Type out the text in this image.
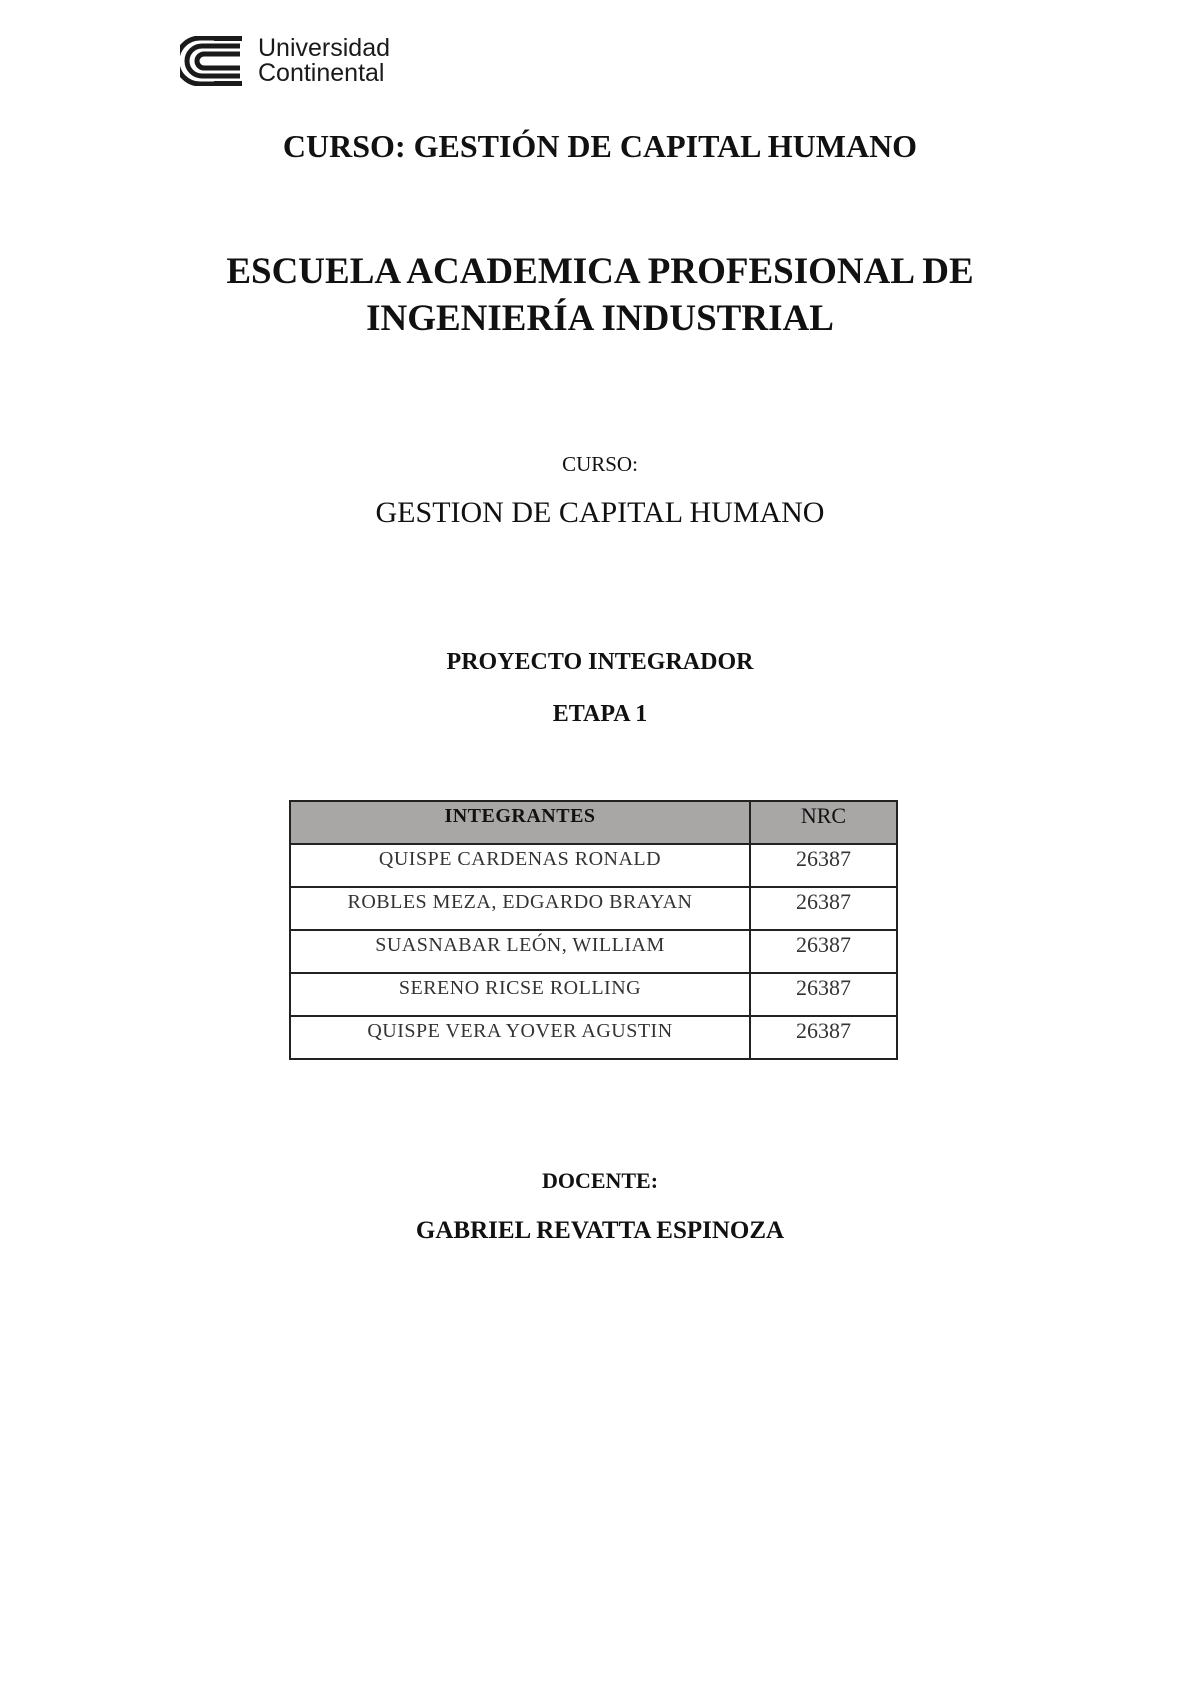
Universidad
Continental
CURSO: GESTIÓN DE CAPITAL HUMANO
ESCUELA ACADEMICA PROFESIONAL DE
INGENIERÍA INDUSTRIAL
CURSO:
GESTION DE CAPITAL HUMANO
PROYECTO INTEGRADOR
ETAPA 1
INTEGRANTES	NRC
QUISPE CARDENAS RONALD	26387
ROBLES MEZA, EDGARDO BRAYAN	26387
SUASNABAR LEÓN, WILLIAM	26387
SERENO RICSE ROLLING	26387
QUISPE VERA YOVER AGUSTIN	26387
DOCENTE:
GABRIEL REVATTA ESPINOZA
